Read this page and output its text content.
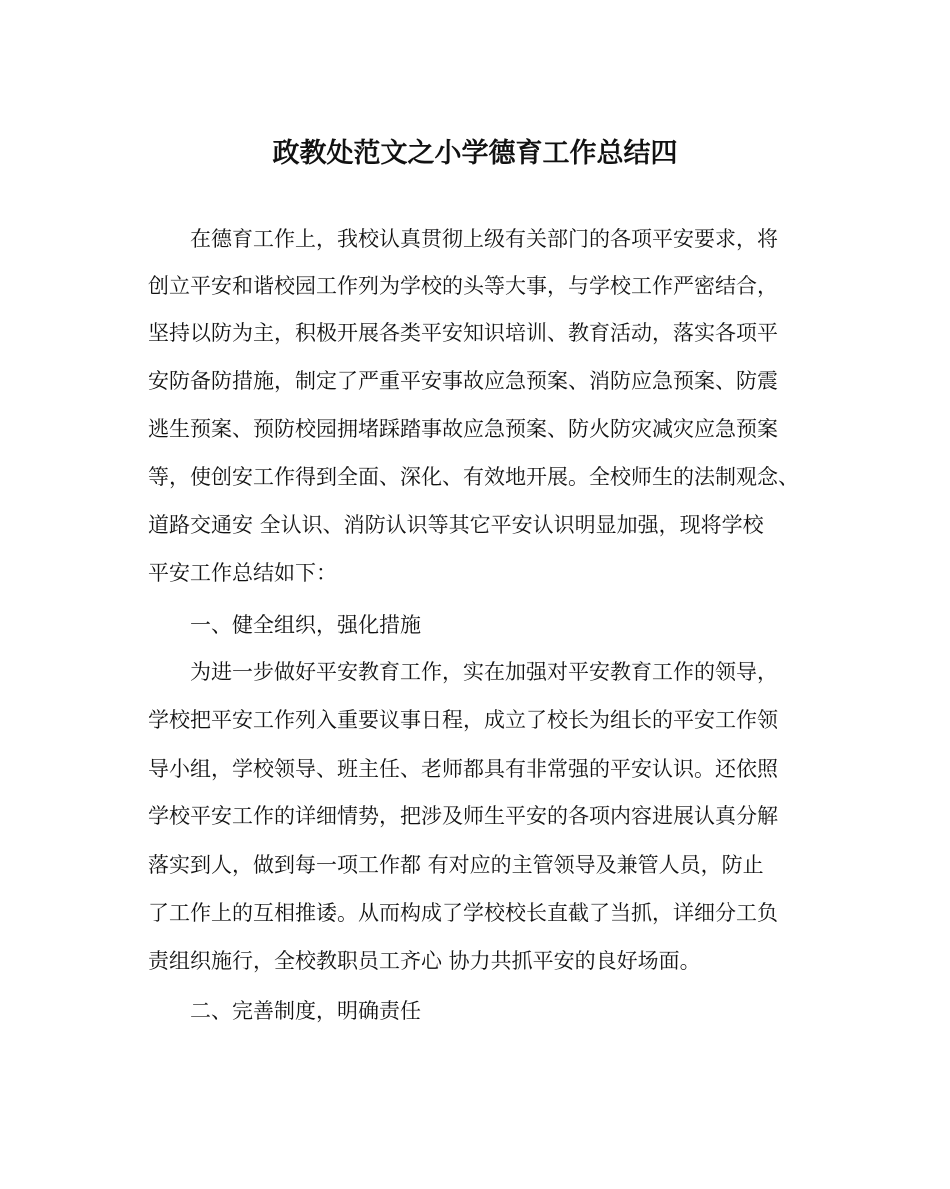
政教处范文之小学德育工作总结四
在德育工作上，我校认真贯彻上级有关部门的各项平安要求，将
创立平安和谐校园工作列为学校的头等大事，与学校工作严密结合，
坚持以防为主，积极开展各类平安知识培训、教育活动，落实各项平
安防备防措施，制定了严重平安事故应急预案、消防应急预案、防震
逃生预案、预防校园拥堵踩踏事故应急预案、防火防灾减灾应急预案
等，使创安工作得到全面、深化、有效地开展。全校师生的法制观念、
道路交通安 全认识、消防认识等其它平安认识明显加强，现将学校
平安工作总结如下：
一、健全组织，强化措施
为进一步做好平安教育工作，实在加强对平安教育工作的领导，
学校把平安工作列入重要议事日程，成立了校长为组长的平安工作领
导小组，学校领导、班主任、老师都具有非常强的平安认识。还依照
学校平安工作的详细情势，把涉及师生平安的各项内容进展认真分解
落实到人，做到每一项工作都 有对应的主管领导及兼管人员，防止
了工作上的互相推诿。从而构成了学校校长直截了当抓，详细分工负
责组织施行，全校教职员工齐心 协力共抓平安的良好场面。
二、完善制度，明确责任
